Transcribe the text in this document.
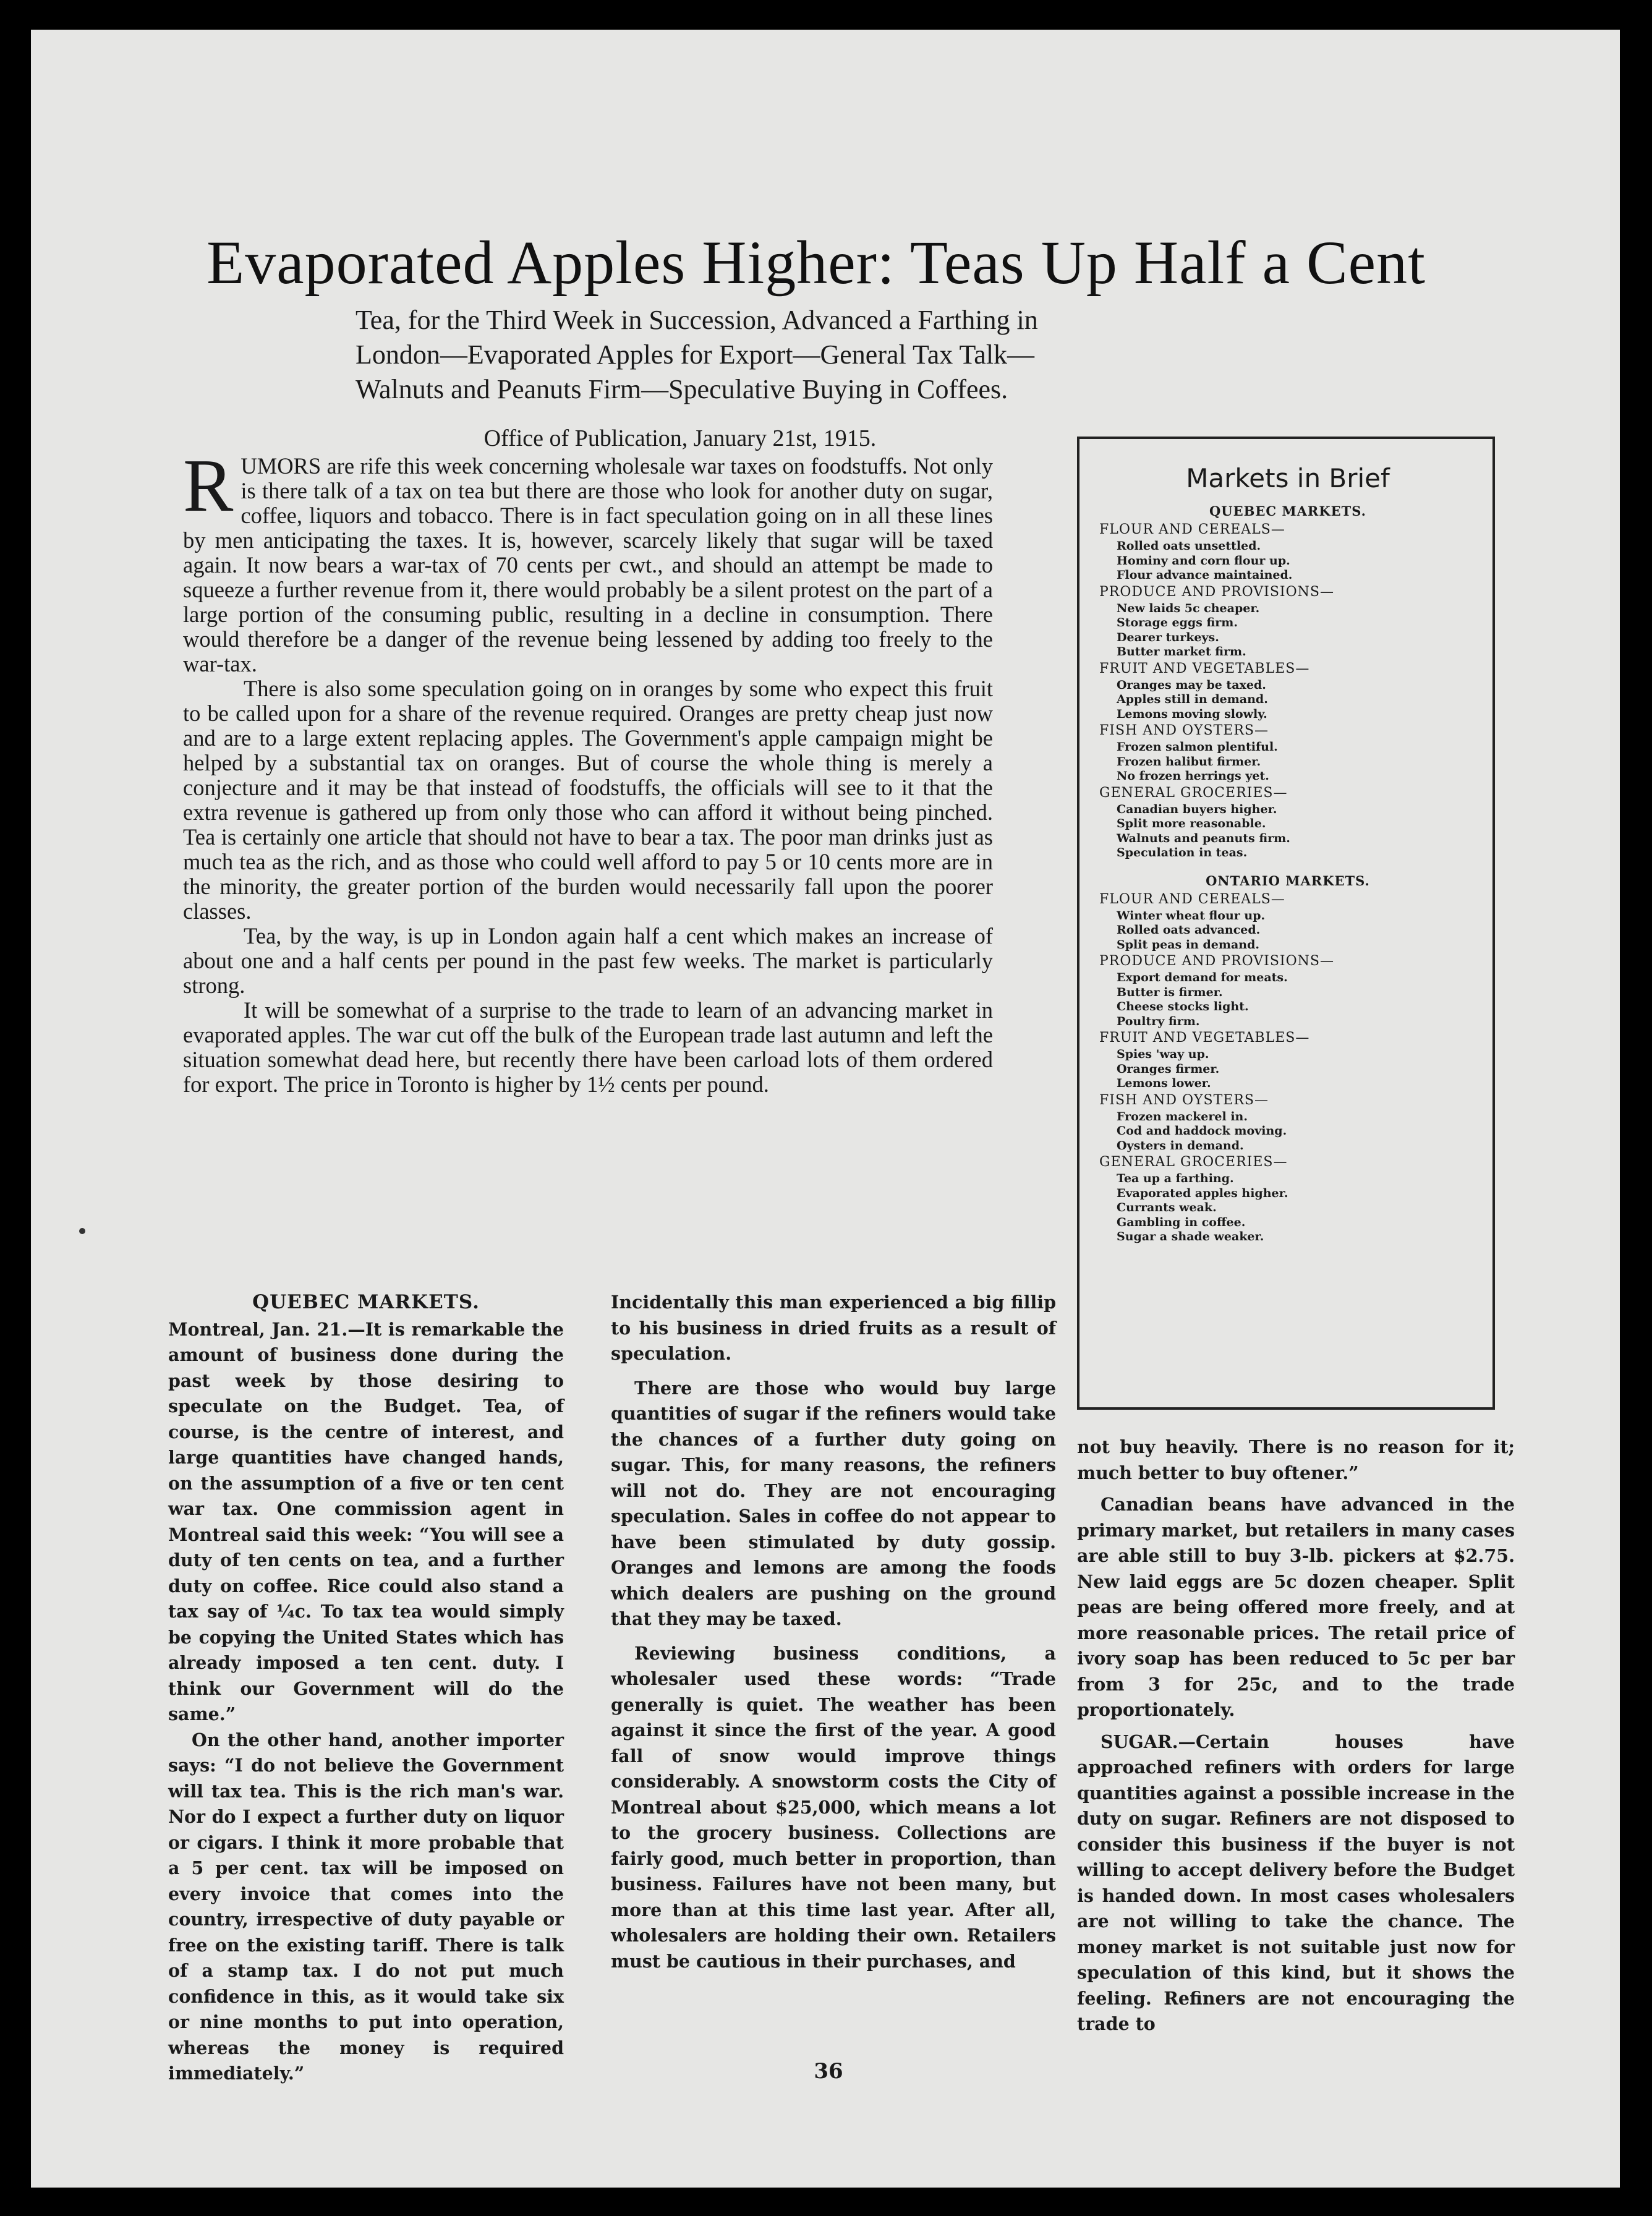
Evaporated Apples Higher: Teas Up Half a Cent
Tea, for the Third Week in Succession, Advanced a Farthing in
London—Evaporated Apples for Export—General Tax Talk—
Walnuts and Peanuts Firm—Speculative Buying in Coffees.
Office of Publication, January 21st, 1915.

RUMORS are rife this week concerning wholesale war taxes on foodstuffs. Not only is there talk of a tax on tea but there are those who look for another duty on sugar, coffee, liquors and tobacco. There is in fact speculation going on in all these lines by men anticipating the taxes. It is, however, scarcely likely that sugar will be taxed again. It now bears a war-tax of 70 cents per cwt., and should an attempt be made to squeeze a further revenue from it, there would probably be a silent protest on the part of a large portion of the consuming public, resulting in a decline in consumption. There would therefore be a danger of the revenue being lessened by adding too freely to the war-tax.

There is also some speculation going on in oranges by some who expect this fruit to be called upon for a share of the revenue required. Oranges are pretty cheap just now and are to a large extent replacing apples. The Government's apple campaign might be helped by a substantial tax on oranges. But of course the whole thing is merely a conjecture and it may be that instead of foodstuffs, the officials will see to it that the extra revenue is gathered up from only those who can afford it without being pinched. Tea is certainly one article that should not have to bear a tax. The poor man drinks just as much tea as the rich, and as those who could well afford to pay 5 or 10 cents more are in the minority, the greater portion of the burden would necessarily fall upon the poorer classes.

Tea, by the way, is up in London again half a cent which makes an increase of about one and a half cents per pound in the past few weeks. The market is particularly strong.

It will be somewhat of a surprise to the trade to learn of an advancing market in evaporated apples. The war cut off the bulk of the European trade last autumn and left the situation somewhat dead here, but recently there have been carload lots of them ordered for export. The price in Toronto is higher by 1½ cents per pound.

Markets in Brief
QUEBEC MARKETS.
FLOUR AND CEREALS—
Rolled oats unsettled.
Hominy and corn flour up.
Flour advance maintained.
PRODUCE AND PROVISIONS—
New laids 5c cheaper.
Storage eggs firm.
Dearer turkeys.
Butter market firm.
FRUIT AND VEGETABLES—
Oranges may be taxed.
Apples still in demand.
Lemons moving slowly.
FISH AND OYSTERS—
Frozen salmon plentiful.
Frozen halibut firmer.
No frozen herrings yet.
GENERAL GROCERIES—
Canadian buyers higher.
Split more reasonable.
Walnuts and peanuts firm.
Speculation in teas.
ONTARIO MARKETS.
FLOUR AND CEREALS—
Winter wheat flour up.
Rolled oats advanced.
Split peas in demand.
PRODUCE AND PROVISIONS—
Export demand for meats.
Butter is firmer.
Cheese stocks light.
Poultry firm.
FRUIT AND VEGETABLES—
Spies 'way up.
Oranges firmer.
Lemons lower.
FISH AND OYSTERS—
Frozen mackerel in.
Cod and haddock moving.
Oysters in demand.
GENERAL GROCERIES—
Tea up a farthing.
Evaporated apples higher.
Currants weak.
Gambling in coffee.
Sugar a shade weaker.
QUEBEC MARKETS.

Montreal, Jan. 21.—It is remarkable the amount of business done during the past week by those desiring to speculate on the Budget. Tea, of course, is the centre of interest, and large quantities have changed hands, on the assumption of a five or ten cent war tax. One commission agent in Montreal said this week: “You will see a duty of ten cents on tea, and a further duty on coffee. Rice could also stand a tax say of ¼c. To tax tea would simply be copying the United States which has already imposed a ten cent. duty. I think our Government will do the same.”

On the other hand, another importer says: “I do not believe the Government will tax tea. This is the rich man's war. Nor do I expect a further duty on liquor or cigars. I think it more probable that a 5 per cent. tax will be imposed on every invoice that comes into the country, irrespective of duty payable or free on the existing tariff. There is talk of a stamp tax. I do not put much confidence in this, as it would take six or nine months to put into operation, whereas the money is required immediately.”

Incidentally this man experienced a big fillip to his business in dried fruits as a result of speculation.

There are those who would buy large quantities of sugar if the refiners would take the chances of a further duty going on sugar. This, for many reasons, the refiners will not do. They are not encouraging speculation. Sales in coffee do not appear to have been stimulated by duty gossip. Oranges and lemons are among the foods which dealers are pushing on the ground that they may be taxed.

Reviewing business conditions, a wholesaler used these words: “Trade generally is quiet. The weather has been against it since the first of the year. A good fall of snow would improve things considerably. A snowstorm costs the City of Montreal about $25,000, which means a lot to the grocery business. Collections are fairly good, much better in proportion, than business. Failures have not been many, but more than at this time last year. After all, wholesalers are holding their own. Retailers must be cautious in their purchases, and

not buy heavily. There is no reason for it; much better to buy oftener.”

Canadian beans have advanced in the primary market, but retailers in many cases are able still to buy 3-lb. pickers at $2.75. New laid eggs are 5c dozen cheaper. Split peas are being offered more freely, and at more reasonable prices. The retail price of ivory soap has been reduced to 5c per bar from 3 for 25c, and to the trade proportionately.

SUGAR.—Certain houses have approached refiners with orders for large quantities against a possible increase in the duty on sugar. Refiners are not disposed to consider this business if the buyer is not willing to accept delivery before the Budget is handed down. In most cases wholesalers are not willing to take the chance. The money market is not suitable just now for speculation of this kind, but it shows the feeling. Refiners are not encouraging the trade to

36
